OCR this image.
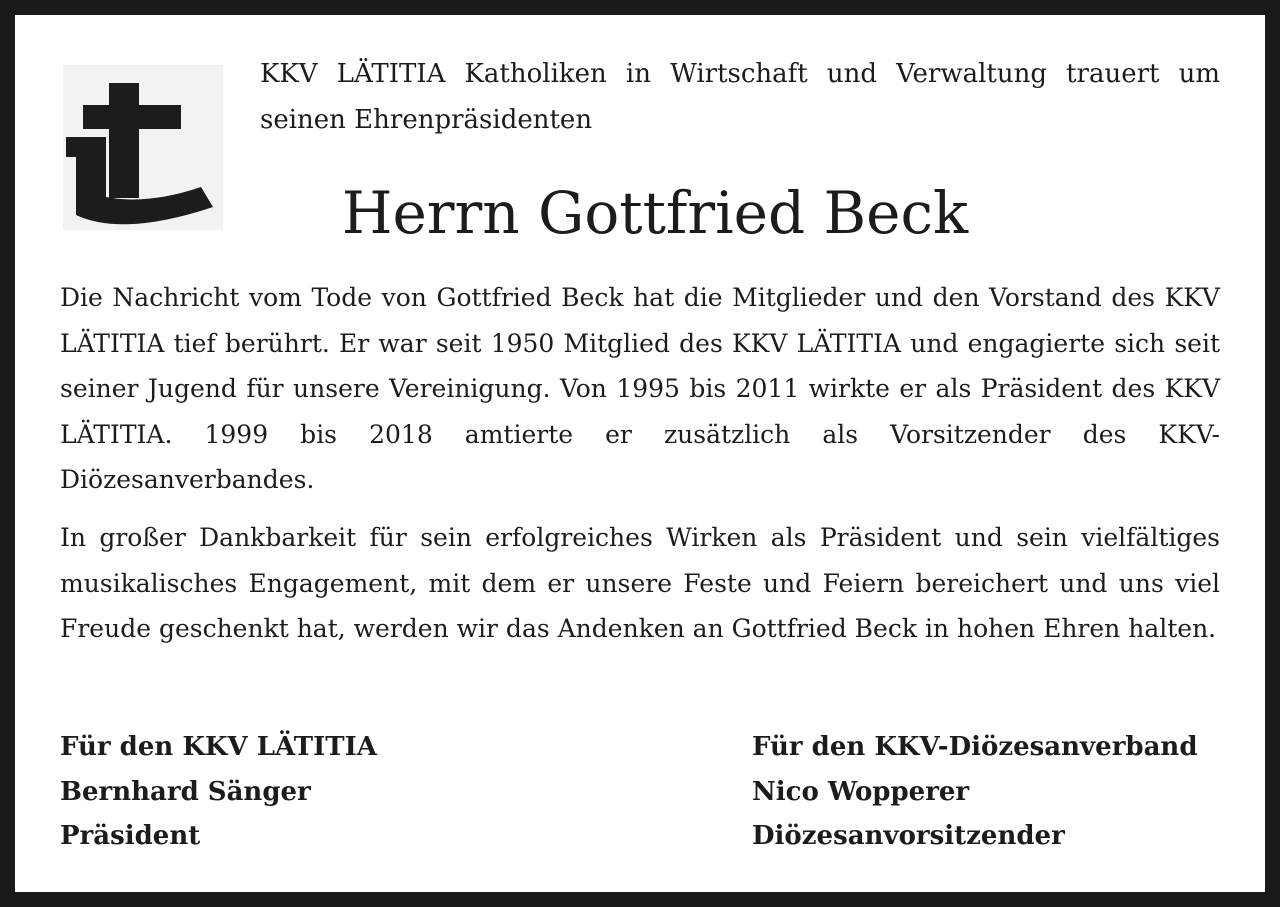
KKV LÄTITIA Katholiken in Wirtschaft und Verwaltung trauert um seinen Ehrenpräsidenten

Herrn Gottfried Beck

Die Nachricht vom Tode von Gottfried Beck hat die Mitglieder und den Vorstand des KKV LÄTITIA tief berührt. Er war seit 1950 Mitglied des KKV LÄTITIA und engagierte sich seit seiner Jugend für unsere Vereinigung. Von 1995 bis 2011 wirkte er als Präsident des KKV LÄTITIA. 1999 bis 2018 amtierte er zusätzlich als Vorsitzender des KKV-Diözesanverbandes.

In großer Dankbarkeit für sein erfolgreiches Wirken als Präsident und sein vielfältiges musikalisches Engagement, mit dem er unsere Feste und Feiern bereichert und uns viel Freude geschenkt hat, werden wir das Andenken an Gottfried Beck in hohen Ehren halten.

Für den KKV LÄTITIA
Bernhard Sänger
Präsident
Für den KKV-Diözesanverband
Nico Wopperer
Diözesanvorsitzender
